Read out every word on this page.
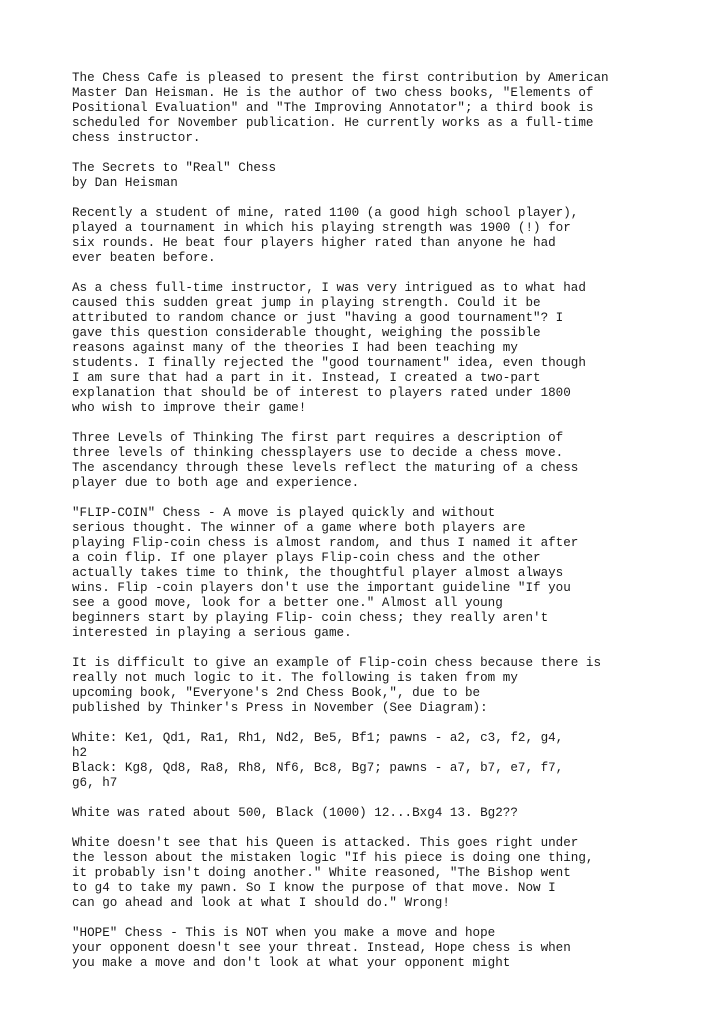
The Chess Cafe is pleased to present the first contribution by American
Master Dan Heisman. He is the author of two chess books, "Elements of
Positional Evaluation" and "The Improving Annotator"; a third book is
scheduled for November publication. He currently works as a full-time
chess instructor.
The Secrets to "Real" Chess
by Dan Heisman
Recently a student of mine, rated 1100 (a good high school player),
played a tournament in which his playing strength was 1900 (!) for
six rounds. He beat four players higher rated than anyone he had
ever beaten before.
As a chess full-time instructor, I was very intrigued as to what had
caused this sudden great jump in playing strength. Could it be
attributed to random chance or just "having a good tournament"? I
gave this question considerable thought, weighing the possible
reasons against many of the theories I had been teaching my
students. I finally rejected the "good tournament" idea, even though
I am sure that had a part in it. Instead, I created a two-part
explanation that should be of interest to players rated under 1800
who wish to improve their game!
Three Levels of Thinking The first part requires a description of
three levels of thinking chessplayers use to decide a chess move.
The ascendancy through these levels reflect the maturing of a chess
player due to both age and experience.
"FLIP-COIN" Chess - A move is played quickly and without
serious thought. The winner of a game where both players are
playing Flip-coin chess is almost random, and thus I named it after
a coin flip. If one player plays Flip-coin chess and the other
actually takes time to think, the thoughtful player almost always
wins. Flip -coin players don't use the important guideline "If you
see a good move, look for a better one." Almost all young
beginners start by playing Flip- coin chess; they really aren't
interested in playing a serious game.
It is difficult to give an example of Flip-coin chess because there is
really not much logic to it. The following is taken from my
upcoming book, "Everyone's 2nd Chess Book,", due to be
published by Thinker's Press in November (See Diagram):
White: Ke1, Qd1, Ra1, Rh1, Nd2, Be5, Bf1; pawns - a2, c3, f2, g4,
h2
Black: Kg8, Qd8, Ra8, Rh8, Nf6, Bc8, Bg7; pawns - a7, b7, e7, f7,
g6, h7
White was rated about 500, Black (1000) 12...Bxg4 13. Bg2??
White doesn't see that his Queen is attacked. This goes right under
the lesson about the mistaken logic "If his piece is doing one thing,
it probably isn't doing another." White reasoned, "The Bishop went
to g4 to take my pawn. So I know the purpose of that move. Now I
can go ahead and look at what I should do." Wrong!
"HOPE" Chess - This is NOT when you make a move and hope
your opponent doesn't see your threat. Instead, Hope chess is when
you make a move and don't look at what your opponent might
